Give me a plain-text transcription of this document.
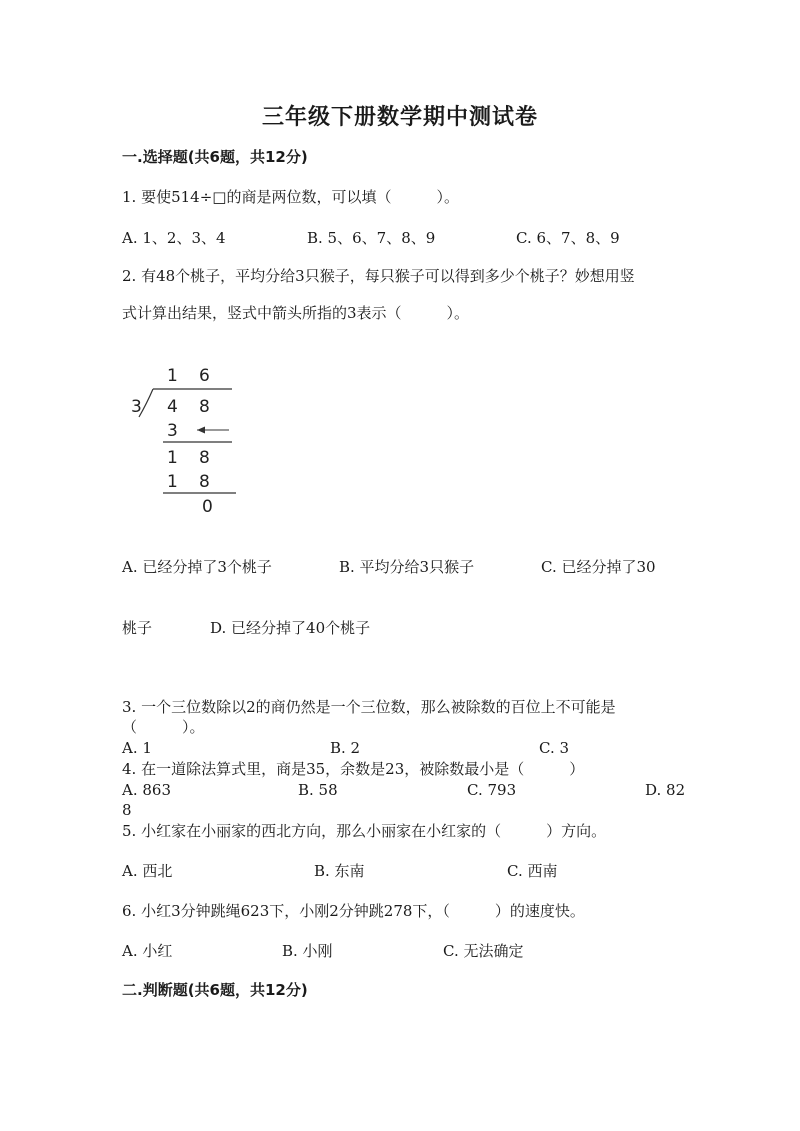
三年级下册数学期中测试卷
一.选择题(共6题，共12分)
1. 要使514÷□的商是两位数，可以填（　　　）。
A. 1、2、3、4	B. 5、6、7、8、9	C. 6、7、8、9
2. 有48个桃子，平均分给3只猴子，每只猴子可以得到多少个桃子？妙想用竖
式计算出结果，竖式中箭头所指的3表示（　　　）。
1 6
3 4 8
3
1 8
1 8
0
A. 已经分掉了3个桃子	B. 平均分给3只猴子	C. 已经分掉了30
桃子	D. 已经分掉了40个桃子
3. 一个三位数除以2的商仍然是一个三位数，那么被除数的百位上不可能是
（　　　）。
A. 1	B. 2	C. 3
4. 在一道除法算式里，商是35，余数是23，被除数最小是（　　　）
A. 863	B. 58	C. 793	D. 82
8
5. 小红家在小丽家的西北方向，那么小丽家在小红家的（　　　）方向。
A. 西北	B. 东南	C. 西南
6. 小红3分钟跳绳623下，小刚2分钟跳278下，（　　　）的速度快。
A. 小红	B. 小刚	C. 无法确定
二.判断题(共6题，共12分)
